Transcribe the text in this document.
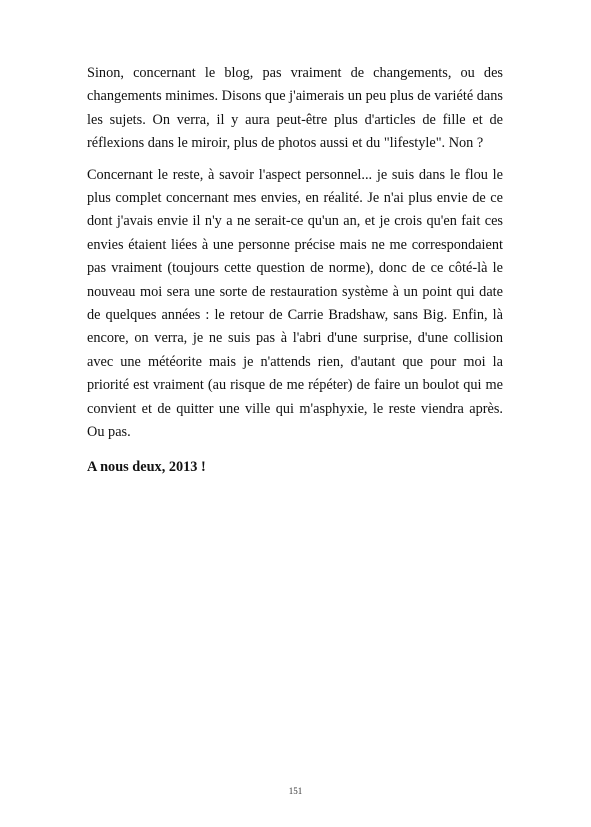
Sinon, concernant le blog, pas vraiment de changements, ou des changements minimes. Disons que j'aimerais un peu plus de variété dans les sujets. On verra, il y aura peut-être plus d'articles de fille et de réflexions dans le miroir, plus de photos aussi et du "lifestyle". Non ?

Concernant le reste, à savoir l'aspect personnel... je suis dans le flou le plus complet concernant mes envies, en réalité. Je n'ai plus envie de ce dont j'avais envie il n'y a ne serait-ce qu'un an, et je crois qu'en fait ces envies étaient liées à une personne précise mais ne me correspondaient pas vraiment (toujours cette question de norme), donc de ce côté-là le nouveau moi sera une sorte de restauration système à un point qui date de quelques années : le retour de Carrie Bradshaw, sans Big. Enfin, là encore, on verra, je ne suis pas à l'abri d'une surprise, d'une collision avec une météorite mais je n'attends rien, d'autant que pour moi la priorité est vraiment (au risque de me répéter) de faire un boulot qui me convient et de quitter une ville qui m'asphyxie, le reste viendra après. Ou pas.

A nous deux, 2013 !

151
